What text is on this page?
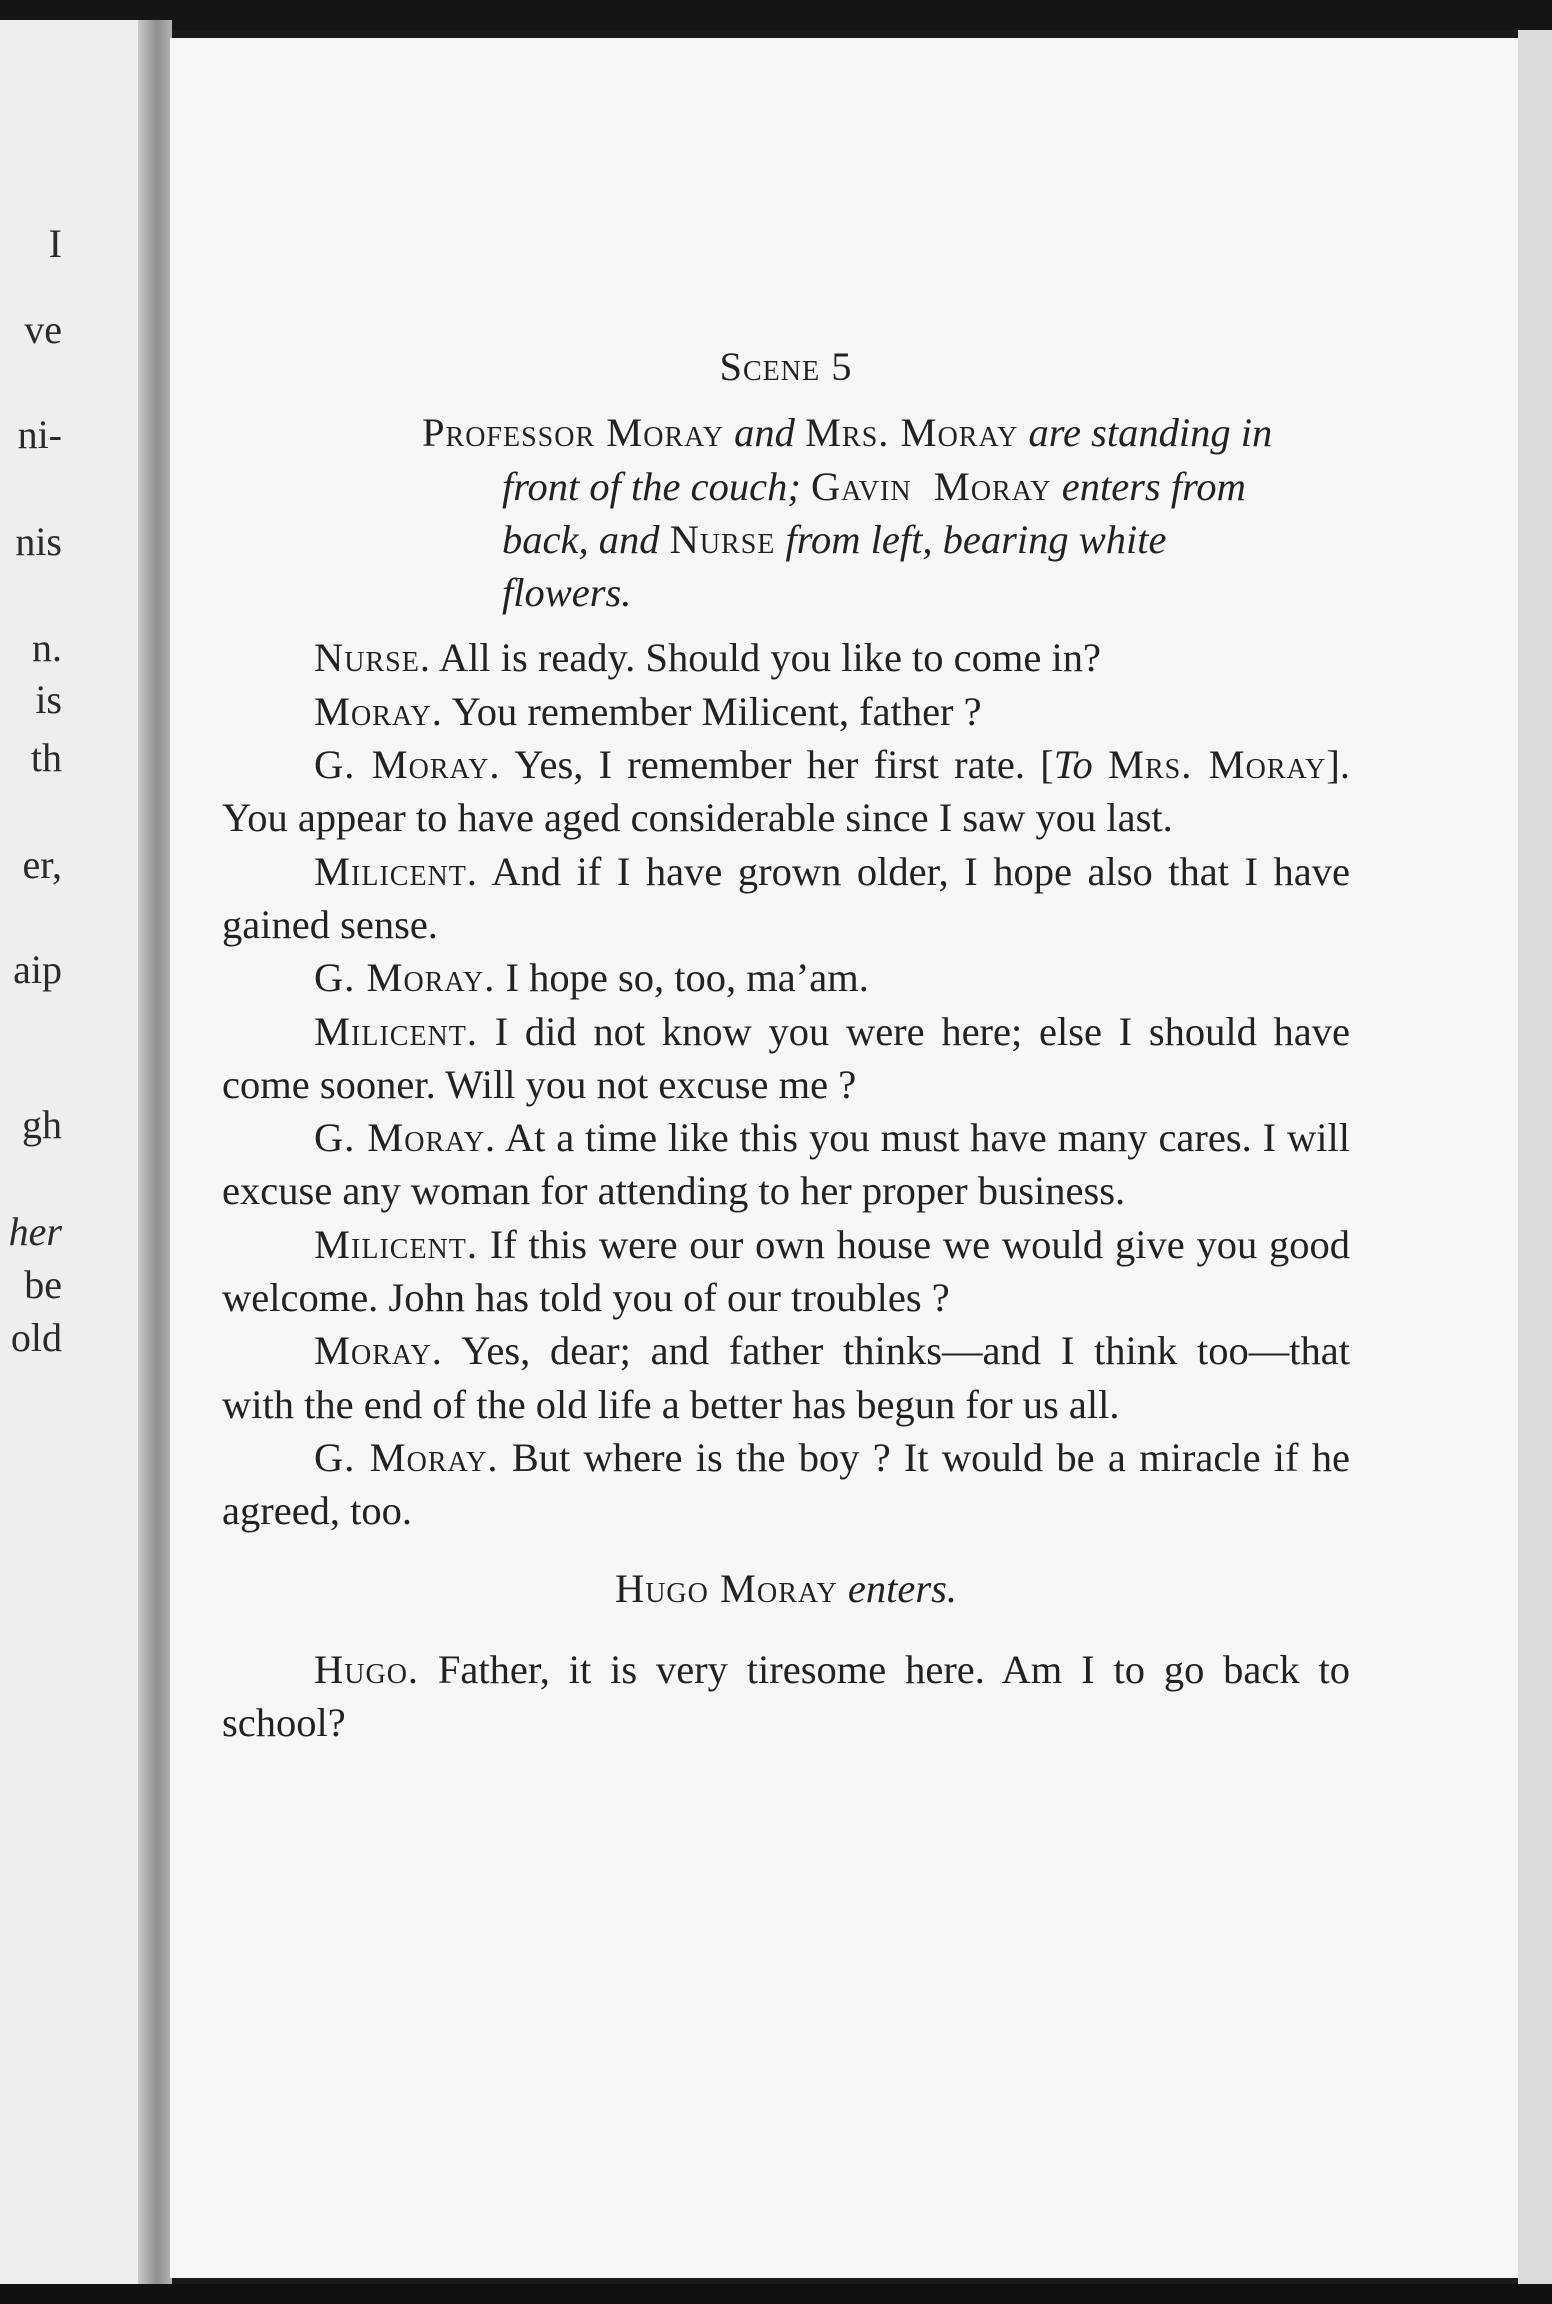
I
ve
ni-
nis
n.
is
th
er,
aip
gh
her
be
old
Scene 5
Professor Moray and Mrs. Moray are standing in front of the couch; Gavin  Moray enters from back, and Nurse from left, bearing white flowers.

Nurse. All is ready. Should you like to come in?

Moray. You remember Milicent, father ?

G. Moray. Yes, I remember her first rate. [To Mrs. Moray]. You appear to have aged considerable since I saw you last.

Milicent. And if I have grown older, I hope also that I have gained sense.

G. Moray. I hope so, too, ma’am.

Milicent. I did not know you were here; else I should have come sooner. Will you not excuse me ?

G. Moray. At a time like this you must have many cares. I will excuse any woman for attending to her proper business.

Milicent. If this were our own house we would give you good welcome. John has told you of our troubles ?

Moray. Yes, dear; and father thinks—and I think too—that with the end of the old life a better has begun for us all.

G. Moray. But where is the boy ? It would be a miracle if he agreed, too.

Hugo Moray enters.

Hugo. Father, it is very tiresome here. Am I to go back to school?
